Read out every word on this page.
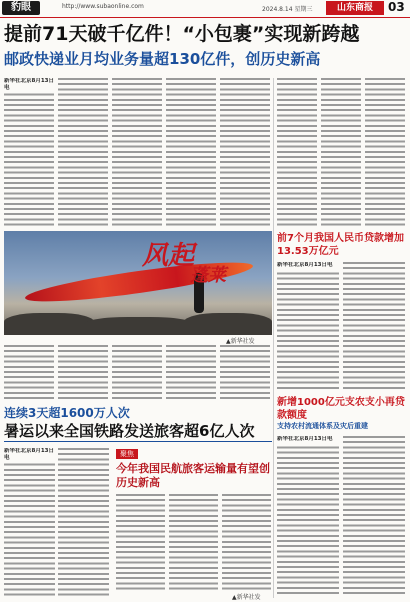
豹眼	http://www.subaonline.com	2024.8.14 星期三	山东商报	03
提前71天破千亿件！“小包裹”实现新跨越
邮政快递业月均业务量超130亿件，创历史新高
新华社北京8月13日电
风起
蓬莱
▲新华社发
连续3天超1600万人次
暑运以来全国铁路发送旅客超6亿人次
新华社北京8月13日电	聚焦
今年我国民航旅客运输量有望创历史新高
▲新华社发
前7个月我国人民币贷款增加13.53万亿元
新华社北京8月13日电
新增1000亿元支农支小再贷款额度
支持农村流通体系及灾后重建
新华社北京8月13日电
